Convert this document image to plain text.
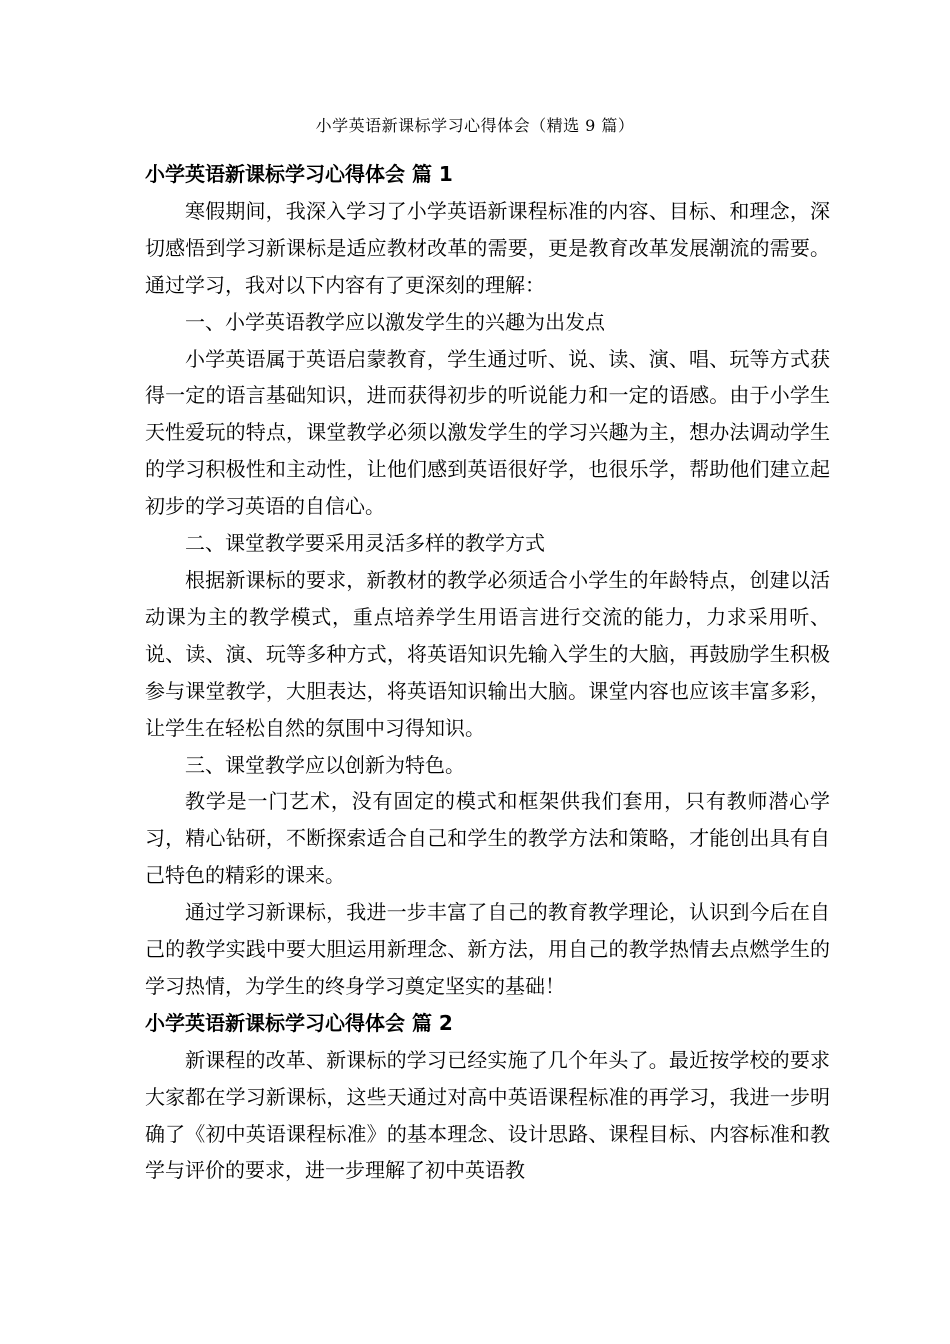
小学英语新课标学习心得体会（精选 9 篇）
小学英语新课标学习心得体会 篇 1

寒假期间，我深入学习了小学英语新课程标准的内容、目标、和理念，深切感悟到学习新课标是适应教材改革的需要，更是教育改革发展潮流的需要。通过学习，我对以下内容有了更深刻的理解：

一、小学英语教学应以激发学生的兴趣为出发点

小学英语属于英语启蒙教育，学生通过听、说、读、演、唱、玩等方式获得一定的语言基础知识，进而获得初步的听说能力和一定的语感。由于小学生天性爱玩的特点，课堂教学必须以激发学生的学习兴趣为主，想办法调动学生的学习积极性和主动性，让他们感到英语很好学，也很乐学，帮助他们建立起初步的学习英语的自信心。

二、课堂教学要采用灵活多样的教学方式

根据新课标的要求，新教材的教学必须适合小学生的年龄特点，创建以活动课为主的教学模式，重点培养学生用语言进行交流的能力，力求采用听、说、读、演、玩等多种方式，将英语知识先输入学生的大脑，再鼓励学生积极参与课堂教学，大胆表达，将英语知识输出大脑。课堂内容也应该丰富多彩，让学生在轻松自然的氛围中习得知识。

三、课堂教学应以创新为特色。

教学是一门艺术，没有固定的模式和框架供我们套用，只有教师潜心学习，精心钻研，不断探索适合自己和学生的教学方法和策略，才能创出具有自己特色的精彩的课来。

通过学习新课标，我进一步丰富了自己的教育教学理论，认识到今后在自己的教学实践中要大胆运用新理念、新方法，用自己的教学热情去点燃学生的学习热情，为学生的终身学习奠定坚实的基础！

小学英语新课标学习心得体会 篇 2

新课程的改革、新课标的学习已经实施了几个年头了。最近按学校的要求大家都在学习新课标，这些天通过对高中英语课程标准的再学习，我进一步明确了《初中英语课程标准》的基本理念、设计思路、课程目标、内容标准和教学与评价的要求，进一步理解了初中英语教
